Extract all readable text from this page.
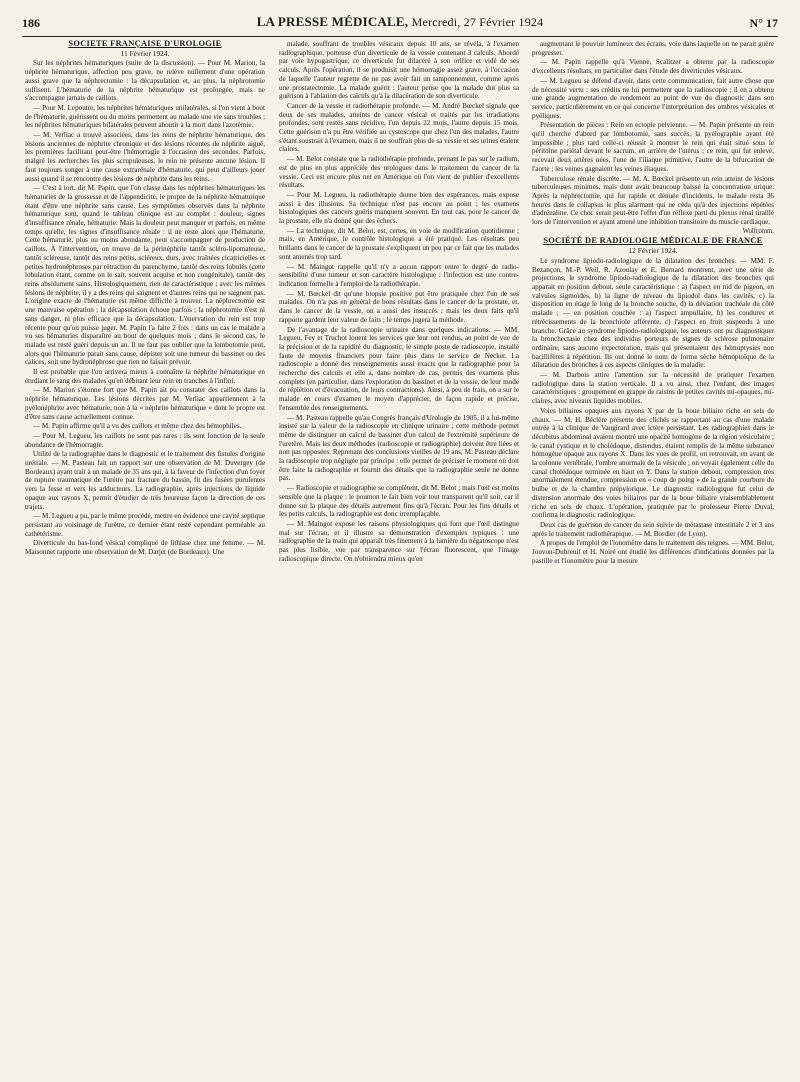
186	LA PRESSE MÉDICALE, Mercredi, 27 Février 1924	N° 17

SOCIÉTÉ FRANÇAISE D'UROLOGIE

11 Février 1924.

Sur les néphrites hématuriques (suite de la discussion). — Pour M. Marion, la néphrite hématurique, affection peu grave, ne relève nullement d'une opération aussi grave que la néphrectomie : la décapsulation et, au plus, la néphrotomie suffisent. L'hématurie de la néphrite hématurique est prolongée, mais ne s'accompagne jamais de caillots.

— Pour M. Lepoutre, les néphrites hématuriques unilatérales, si l'on vient à bout de l'hématurie, guérissent ou du moins permettent au malade une vie sans troubles ; les néphrites hématuriques bilatérales peuvent aboutir à la mort dans l'azotémie.

— M. Verliac a trouvé associées, dans les reins de néphrite hématurique, des lésions anciennes de néphrite chronique et des lésions récentes de néphrite aiguë, les premières facilitant peut-être l'hémorragie à l'occasion des secondes. Parfois, malgré les recherches les plus scrupuleuses, le rein ne présente aucune lésion. Il faut toujours songer à une cause extrarénale d'hématurie, qui peut d'ailleurs jouer aussi quand il se rencontre des lésions de néphrite dans les reins.

— C'est à tort, dit M. Papin, que l'on classe dans les néphrites hématuriques les hématuries de la grossesse et de l'appendicite, le propre de la néphrite hématurique étant d'être une néphrite sans cause. Les symptômes observés dans la néphrite hématurique sont, quand le tableau clinique est au complet : douleur, signes d'insuffisance rénale, hématurie. Mais la douleur peut manquer et parfois, en même temps qu'elle, les signes d'insuffisance rénale : il ne reste alors que l'hématurie. Cette hématurie, plus ou moins abondante, peut s'accompagner de production de caillots. À l'intervention, on trouve de la périnéphrite tantôt scléro-lipomateuse, tantôt scléreuse, tantôt des reins petits, scléreux, durs, avec traînées cicatricielles et petites hydronéphroses par rétraction du parenchyme, tantôt des reins lobulés (cette lobulation étant, comme on le sait, souvent acquise et non congénitale), tantôt des reins absolument sains. Histologiquement, rien de caractéristique ; avec les mêmes lésions de néphrite, il y a des reins qui saignent et d'autres reins qui ne saignent pas. L'origine exacte de l'hématurie est même difficile à trouver. La néphrectomie est une mauvaise opération ; la décapsulation échoue parfois ; la néphrotomie n'est ni sans danger, ni plus efficace que la décapsulation. L'énervation du rein est trop récente pour qu'on puisse juger. M. Papin l'a faite 2 fois : dans un cas le malade a vu ses hématuries disparaître au bout de quelques mois ; dans le second cas, le malade est resté guéri depuis un an. Il ne faut pas oublier que la lombotomie peut, alors que l'hématurie parait sans cause, dépister soit une tumeur du bassinet ou des calices, soit une hydronéphrose que rien ne faisait prévoir.

Il est probable que l'on arrivera mieux à connaître la néphrite hématurique en étudiant le sang des malades qu'en débitant leur rein en tranches à l'infini.

— M. Marion s'étonne fort que M. Papin ait pu constater des caillots dans la néphrite hématurique. Les lésions décrites par M. Verliac appartiennent à la pyélonéphrite avec hématurie, non à la « néphrite hématurique » dont le propre est d'être sans cause actuellement connue.

— M. Papin affirme qu'il a vu des caillots et même chez des hémophiles.

— Pour M. Legueu, les caillots ne sont pas rares : ils sont fonction de la seule abondance de l'hémorragie.

Utilité de la radiographie dans le diagnostic et le traitement des fistules d'origine urétrale. — M. Pasteau fait un rapport sur une observation de M. Duvergey (de Bordeaux) ayant trait à un malade de 35 ans qui, à la faveur de l'infection d'un foyer de rupture traumatique de l'urètre par fracture du bassin, fit des fusées purulentes vers la fesse et vers les adducteurs. La radiographie, après injections de liquide opaque aux rayons X, permit d'étudier de très heureuse façon la direction de ces trajets.

— M. Legueu a pu, par le même procédé, mettre en évidence une cavité septique persistant au voisinage de l'urètre, ce dernier étant resté cependant perméable au cathétérisme.

Diverticule du bas-fond vésical compliqué de lithiase chez une femme. — M. Maisonnet rapporte une observation de M. Darjet (de Bordeaux). Une

malade, souffrant de troubles vésicaux depuis 10 ans, se révéla, à l'examen radiographique, porteuse d'un diverticule de la vessie contenant 3 calculs. Abordé par voie hypogastrique, ce diverticule fut dilacéré à son orifice et vidé de ses calculs. Après l'opération, il se produisit une hémorragie assez grave, à l'occasion de laquelle l'auteur regrette de ne pas avoir fait un tamponnement, comme après une prostatectomie. La malade guérit : l'auteur pense que la malade dut plus sa guérison à l'ablation des calculs qu'à la dilacération de son diverticule.

Cancer de la vessie et radiothérapie profonde. — M. André Bœckel signale que deux de ses malades, atteints de cancer vésical et traités par les irradiations profondes, sont restés sans récidive, l'un depuis 22 mois, l'autre depuis 15 mois. Cette guérison n'a pu être vérifiée au cystoscope que chez l'un des malades, l'autre s'étant soustrait à l'examen, mais il ne souffrait plus de sa vessie et ses urines étaient claires.

— M. Belot constate que la radiothérapie profonde, prenant le pas sur le radium, est de plus en plus appréciée des urologues dans le traitement du cancer de la vessie. Ceci est encore plus net en Amérique où l'on vient de publier d'excellents résultats.

— Pour M. Legueu, la radiothérapie donne bien des espérances, mais expose aussi à des illusions. Sa technique n'est pas encore au point ; les examens histologiques des cancers guéris manquent souvent. En tout cas, pour le cancer de la prostate, elle n'a donné que des échecs.

— La technique, dit M. Belot, est, certes, en voie de modification quotidienne ; mais, en Amérique, le contrôle histologique a été pratiqué. Les résultats peu brillants dans le cancer de la prostate s'expliquent un peu par ce fait que les malades sont amenés trop tard.

— M. Maingot rappelle qu'il n'y a aucun rapport entre le degré de radio-sensibilité d'une tumeur et son caractère histologique : l'infection est une contre-indication formelle à l'emploi de la radiothérapie.

— M. Bœckel dit qu'une biopsie positive put être pratiquée chez l'un de ses malades. On n'a pas en général de bons résultats dans le cancer de la prostate, et, dans le cancer de la vessie, on a aussi des insuccès ; mais les deux faits qu'il rapporte gardent leur valeur de faits ; le temps jugera la méthode.

De l'avantage de la radioscopie urinaire dans quelques indications. — MM. Legueu, Fey et Truchot louent les services que leur ont rendus, au point de vue de la précision et de la rapidité du diagnostic, le simple poste de radioscopie, installé faute de moyens financiers pour faire plus dans le service de Necker. La radioscopie a donné des renseignements aussi exacts que la radiographie pour la recherche des calculs et elle a, dans nombre de cas, permis des examens plus complets (en particulier, dans l'exploration du bassinet et de la vessie, de leur mode de réplétion et d'évacuation, de leurs contractions). Ainsi, à peu de frais, on a sur le malade en cours d'examen le moyen d'apprécier, de façon rapide et précise, l'ensemble des renseignements.

— M. Pasteau rappelle qu'au Congrès français d'Urologie de 1905, il a lui-même insisté sur la valeur de la radioscopie en clinique urinaire ; cette méthode permet même de distinguer un calcul du bassinet d'un calcul de l'extrémité supérieure de l'uretère. Mais les deux méthodes (radioscopie et radiographie) doivent être liées et non pas opposées. Reprenant des conclusions vieilles de 19 ans, M. Pasteau déclare la radioscopie trop négligée par principe : elle permet de préciser le moment où doit être faite la radiographie et fournit des détails que la radiographie seule ne donne pas.

— Radioscopie et radiographie se complètent, dit M. Belot ; mais l'œil est moins sensible que la plaque : le poumon le fait bien voir tout transparent qu'il soit, car il donne sur la plaque des détails autrement fins qu'à l'écran. Pour les fins détails et les petits calculs, la radiographie est donc irremplaçable.

— M. Maingot expose les raisons physiologiques qui font que l'œil distingue mal sur l'écran, et il illustre sa démonstration d'exemples typiques : une radiographie de la main qui apparaît très finement à la lumière du négatoscope n'est pas plus lisible, vue par transparence sur l'écran fluorescent, que l'image radioscopique directe. On n'obtiendra mieux qu'en

augmentant le pouvoir lumineux des écrans, voie dans laquelle on ne parait guère progresser.

— M. Papin rappelle qu'à Vienne, Scalitzer a obtenu par la radioscopie d'excellents résultats, en particulier dans l'étude des diverticules vésicaux.

— M. Legueu se défend d'avoir, dans cette communication, fait autre chose que de nécessité vertu : ses crédits ne lui permettent que la radioscopie ; il en a obtenu une grande augmentation de rendement au point de vue du diagnostic dans son service, particulièrement en ce qui concerne l'interprétation des ombres vésicales et pyéliques.

Présentation de pièces : Rein en ectopie pelvienne. — M. Papin présente un rein qu'il cherche d'abord par lombotomie, sans succès, la pyélographie ayant été impossible ; plus tard celle-ci réussit à montrer le rein qui était situé sous le péritoine pariétal devant le sacrum, en arrière de l'utérus ; ce rein, qui fut enlevé, recevait deux artères nées, l'une de l'iliaque primitive, l'autre de la bifurcation de l'aorte ; les veines gagnaient les veines iliaques.

Tuberculose rénale discrète. — M. A. Bœckel présente un rein atteint de lésions tuberculeuses minimes, mais dont avait beaucoup baissé la concentration urique. Après la néphrectomie, qui fut rapide et dénuée d'incidents, le malade resta 36 heures dans le collapsus le plus alarmant qui ne céda qu'à des injections répétées d'adrénaline. Ce choc serait peut-être l'effet d'un réflexe parti du plexus rénal tiraillé lors de l'intervention et ayant amené une inhibition transitoire du muscle cardiaque.

Wolfromm.

SOCIÉTÉ DE RADIOLOGIE MÉDICALE DE FRANCE

12 Février 1924.

Le syndrome lipiodo-radiologique de la dilatation des bronches. — MM. F. Bezançon, M.-P. Weil, R. Azoulay et E. Bernard montrent, avec une série de projections, le syndrome lipiodo-radiologique de la dilatation des bronches qui apparait en position debout, seule caractéristique : a) l'aspect en nid de pigeon, en valvules sigmoïdes, b) la ligne de niveau du lipiodol dans les cavités, c) la disposition en étage le long de la bronche souche, d) la déviation trachéale du côté malade ; — en position couchée : a) l'aspect ampullaire, b) les coudures et rétrécissements de la bronchiole afférente, c) l'aspect en fruit suspendu à une branche. Grâce au syndrome lipiodo-radiologique, les auteurs ont pu diagnostiquer la bronchectasie chez des individus porteurs de signes de sclérose pulmonaire ordinaire, sans aucune expectoration, mais qui présentaient des hémoptysies non bacillifères à répétition. Ils ont donné le nom de forme sèche hémoptoïque de la dilatation des bronches à ces aspects cliniques de la maladie.

— M. Darbois attire l'attention sur la nécessité de pratiquer l'examen radiologique dans la station verticale. Il a vu ainsi, chez l'enfant, des images caractéristiques : groupement en grappe de raisins de petites cavités mi-opaques, mi-claires, avec niveaux liquides mobiles.

Voies biliaires opaques aux rayons X par de la boue biliaire riche en sels de chaux. — M. H. Béclère présente des clichés se rapportant au cas d'une malade entrée à la clinique de Vaugirard avec ictère persistant. Les radiographies dans le décubitus abdominal avaient montré une opacité homogène de la région vésiculaire ; le canal cystique et le cholédoque, distendus, étaient remplis de la même substance homogène opaque aux rayons X. Dans les vues de profil, on retrouvait, en avant de la colonne vertébrale, l'ombre anormale de la vésicule ; on voyait également celle du canal cholédoque terminée en haut en Y. Dans la station debout, compression très anormalement étendue, compression en « coup de poing » de la grande courbure du bulbe et de la chambre prépylorique. Le diagnostic radiologique fut celui de distension anormale des voies biliaires par de la boue biliaire vraisemblablement riche en sels de chaux. L'opération, pratiquée par le professeur Pierre Duval, confirma le diagnostic radiologique.

Deux cas de guérison de cancer du sein suivie de métastase intestinale 2 et 3 ans après le traitement radiothérapique. — M. Bordier (de Lyon).

A propos de l'emploi de l'ionomètre dans le traitement des teignes. — MM. Belot, Jouvon-Dubreuil et H. Noiré ont étudié les différences d'indications données par la pastille et l'ionomètre pour la mesure
